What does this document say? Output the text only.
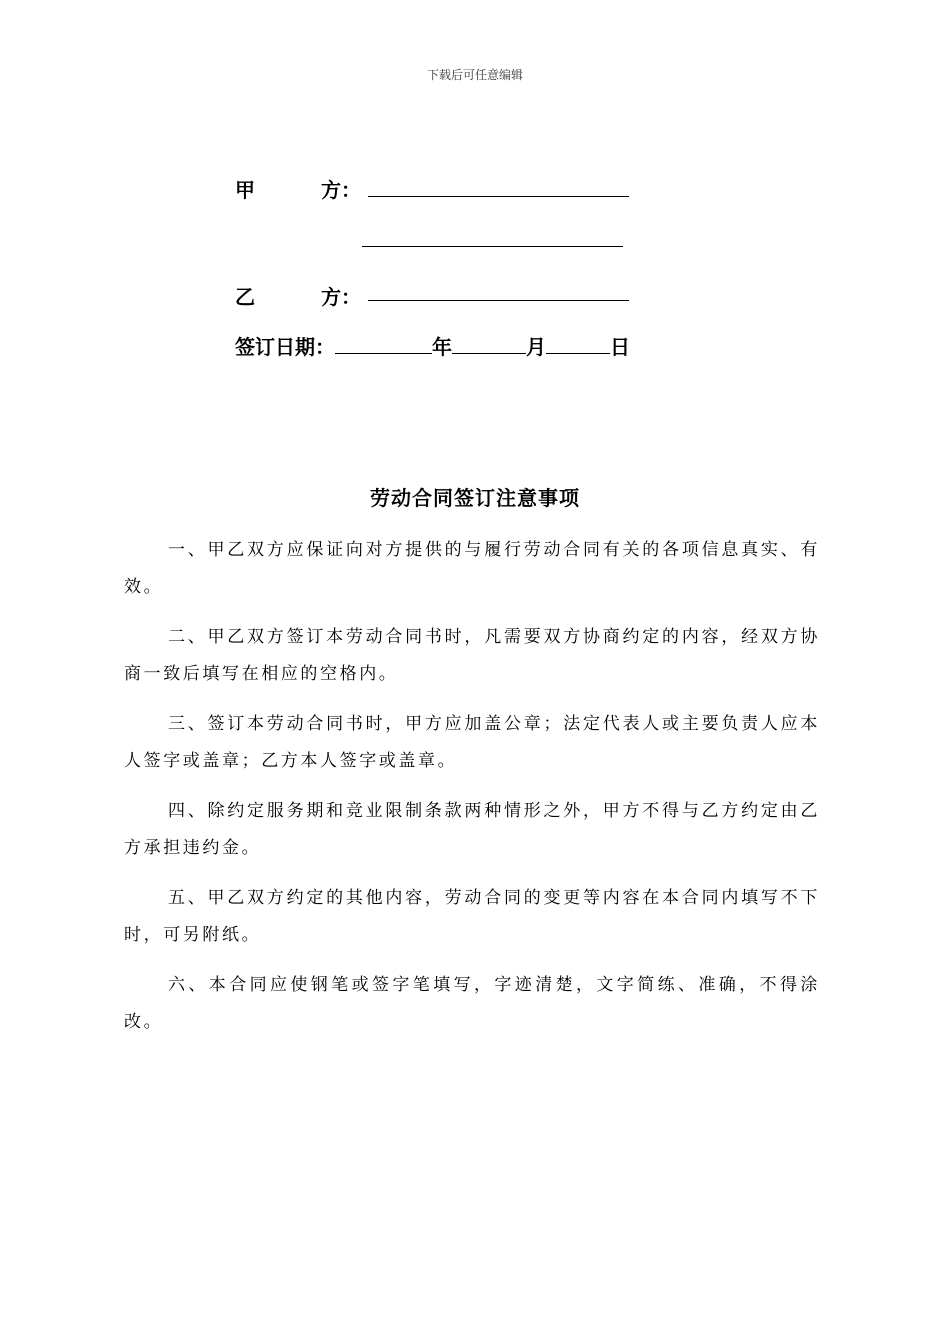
下载后可任意编辑
甲	方：
乙	方：
签订日期：	年	月	日
劳动合同签订注意事项

一、甲乙双方应保证向对方提供的与履行劳动合同有关的各项信息真实、有效。

二、甲乙双方签订本劳动合同书时，凡需要双方协商约定的内容，经双方协商一致后填写在相应的空格内。

三、签订本劳动合同书时，甲方应加盖公章；法定代表人或主要负责人应本人签字或盖章；乙方本人签字或盖章。

四、除约定服务期和竞业限制条款两种情形之外，甲方不得与乙方约定由乙方承担违约金。

五、甲乙双方约定的其他内容，劳动合同的变更等内容在本合同内填写不下时，可另附纸。

六、本合同应使钢笔或签字笔填写，字迹清楚，文字简练、准确，不得涂改。
